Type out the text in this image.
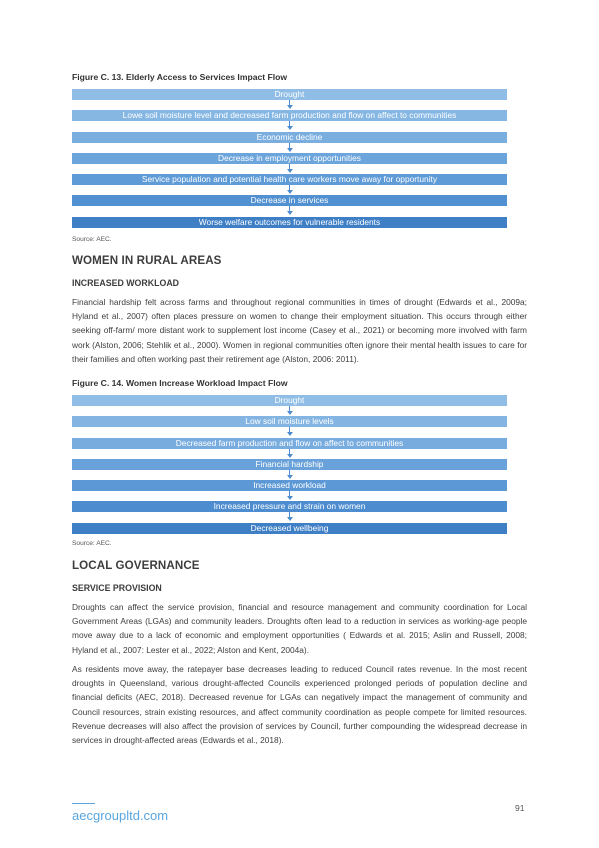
Figure C. 13. Elderly Access to Services Impact Flow
Drought
Lowe soil moisture level and decreased farm production and flow on affect to communities
Economic decline
Decrease in employment opportunities
Service population and potential health care workers move away for opportunity
Decrease in services
Worse welfare outcomes for vulnerable residents
Source: AEC.
WOMEN IN RURAL AREAS
INCREASED WORKLOAD
Financial hardship felt across farms and throughout regional communities in times of drought (Edwards et al., 2009a; Hyland et al., 2007) often places pressure on women to change their employment situation. This occurs through either seeking off-farm/ more distant work to supplement lost income (Casey et al., 2021) or becoming more involved with farm work (Alston, 2006; Stehlik et al., 2000). Women in regional communities often ignore their mental health issues to care for their families and often working past their retirement age (Alston, 2006: 2011).
Figure C. 14. Women Increase Workload Impact Flow
Drought
Low soil moisture levels
Decreased farm production and flow on affect to communities
Financial hardship
Increased workload
Increased pressure and strain on women
Decreased wellbeing
Source: AEC.
LOCAL GOVERNANCE
SERVICE PROVISION
Droughts can affect the service provision, financial and resource management and community coordination for Local Government Areas (LGAs) and community leaders. Droughts often lead to a reduction in services as working-age people move away due to a lack of economic and employment opportunities ( Edwards et al. 2015; Aslin and Russell, 2008; Hyland et al., 2007: Lester et al., 2022; Alston and Kent, 2004a).
As residents move away, the ratepayer base decreases leading to reduced Council rates revenue. In the most recent droughts in Queensland, various drought-affected Councils experienced prolonged periods of population decline and financial deficits (AEC, 2018). Decreased revenue for LGAs can negatively impact the management of community and Council resources, strain existing resources, and affect community coordination as people compete for limited resources. Revenue decreases will also affect the provision of services by Council, further compounding the widespread decrease in services in drought-affected areas (Edwards et al., 2018).
aecgroupltd.com	91
